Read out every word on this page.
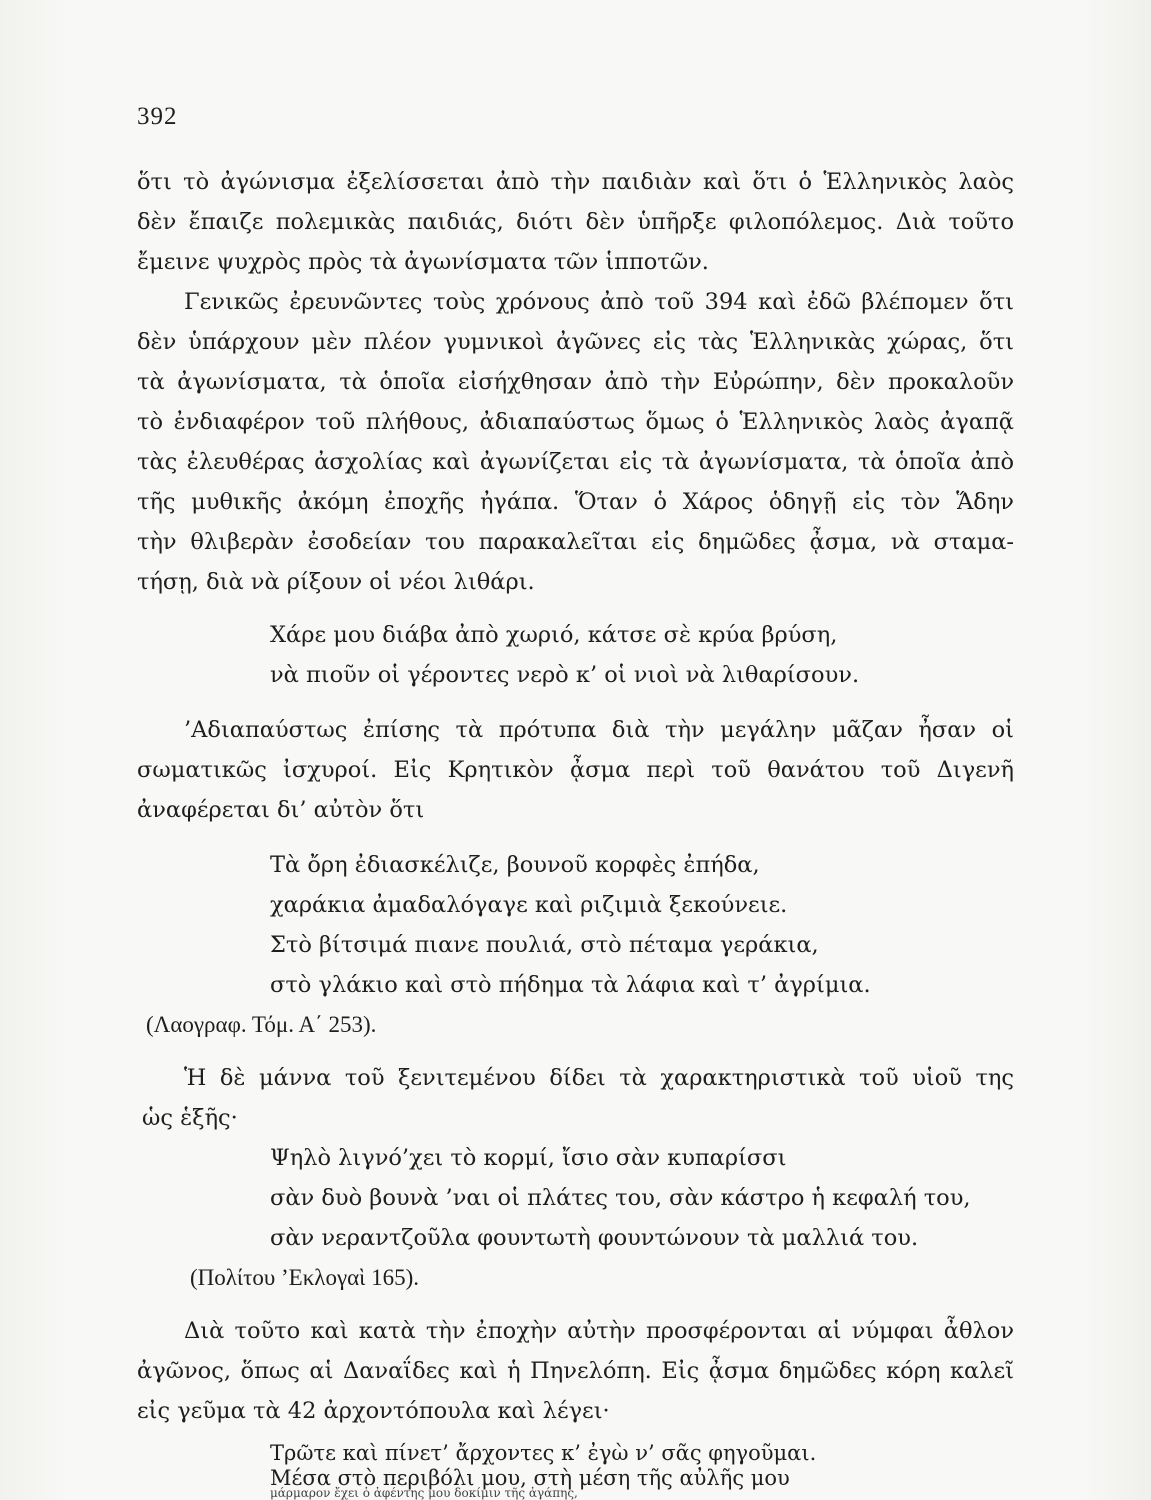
392
ὅτι τὸ ἀγώνισμα ἐξελίσσεται ἀπὸ τὴν παιδιὰν καὶ ὅτι ὁ Ἑλληνικὸς λαὸς
δὲν ἔπαιζε πολεμικὰς παιδιάς, διότι δὲν ὑπῆρξε φιλοπόλεμος. Διὰ τοῦτο
ἔμεινε ψυχρὸς πρὸς τὰ ἀγωνίσματα τῶν ἱπποτῶν.
Γενικῶς ἐρευνῶντες τοὺς χρόνους ἀπὸ τοῦ 394 καὶ ἐδῶ βλέπομεν ὅτι
δὲν ὑπάρχουν μὲν πλέον γυμνικοὶ ἀγῶνες εἰς τὰς Ἑλληνικὰς χώρας, ὅτι
τὰ ἀγωνίσματα, τὰ ὁποῖα εἰσήχθησαν ἀπὸ τὴν Εὐρώπην, δὲν προκαλοῦν
τὸ ἐνδιαφέρον τοῦ πλήθους, ἀδιαπαύστως ὅμως ὁ Ἑλληνικὸς λαὸς ἀγαπᾷ
τὰς ἐλευθέρας ἀσχολίας καὶ ἀγωνίζεται εἰς τὰ ἀγωνίσματα, τὰ ὁποῖα ἀπὸ
τῆς μυθικῆς ἀκόμη ἐποχῆς ἠγάπα. Ὅταν ὁ Χάρος ὁδηγῇ εἰς τὸν Ἅδην
τὴν θλιβερὰν ἐσοδείαν του παρακαλεῖται εἰς δημῶδες ᾆσμα, νὰ σταμα-
τήσῃ, διὰ νὰ ρίξουν οἱ νέοι λιθάρι.
Χάρε μου διάβα ἀπὸ χωριό, κάτσε σὲ κρύα βρύση,
νὰ πιοῦν οἱ γέροντες νερὸ κ’ οἱ νιοὶ νὰ λιθαρίσουν.
’Αδιαπαύστως ἐπίσης τὰ πρότυπα διὰ τὴν μεγάλην μᾶζαν ἦσαν οἱ
σωματικῶς ἰσχυροί. Εἰς Κρητικὸν ᾆσμα περὶ τοῦ θανάτου τοῦ Διγενῆ
ἀναφέρεται δι’ αὐτὸν ὅτι
Τὰ ὄρη ἐδιασκέλιζε, βουνοῦ κορφὲς ἐπήδα,
χαράκια ἀμαδαλόγαγε καὶ ριζιμιὰ ξεκούνειε.
Στὸ βίτσιμά πιανε πουλιά, στὸ πέταμα γεράκια,
στὸ γλάκιο καὶ στὸ πήδημα τὰ λάφια καὶ τ’ ἀγρίμια.
(Λαογραφ. Τόμ. Α΄ 253).
Ἡ δὲ μάννα τοῦ ξενιτεμένου δίδει τὰ χαρακτηριστικὰ τοῦ υἱοῦ της
ὡς ἑξῆς·
Ψηλὸ λιγνό’χει τὸ κορμί, ἴσιο σὰν κυπαρίσσι
σὰν δυὸ βουνὰ ’ναι οἱ πλάτες του, σὰν κάστρο ἡ κεφαλή του,
σὰν νεραντζοῦλα φουντωτὴ φουντώνουν τὰ μαλλιά του.
(Πολίτου ’Εκλογαὶ 165).
Διὰ τοῦτο καὶ κατὰ τὴν ἐποχὴν αὐτὴν προσφέρονται αἱ νύμφαι ἆθλον
ἀγῶνος, ὅπως αἱ Δαναΐδες καὶ ἡ Πηνελόπη. Εἰς ᾆσμα δημῶδες κόρη καλεῖ
εἰς γεῦμα τὰ 42 ἀρχοντόπουλα καὶ λέγει·
Τρῶτε καὶ πίνετ’ ἄρχοντες κ’ ἐγὼ ν’ σᾶς φηγοῦμαι.
Μέσα στὸ περιβόλι μου, στὴ μέση τῆς αὐλῆς μου
μάρμαρον ἔχει ὁ ἀφέντης μου δοκίμιν τῆς ἀγάπης,
